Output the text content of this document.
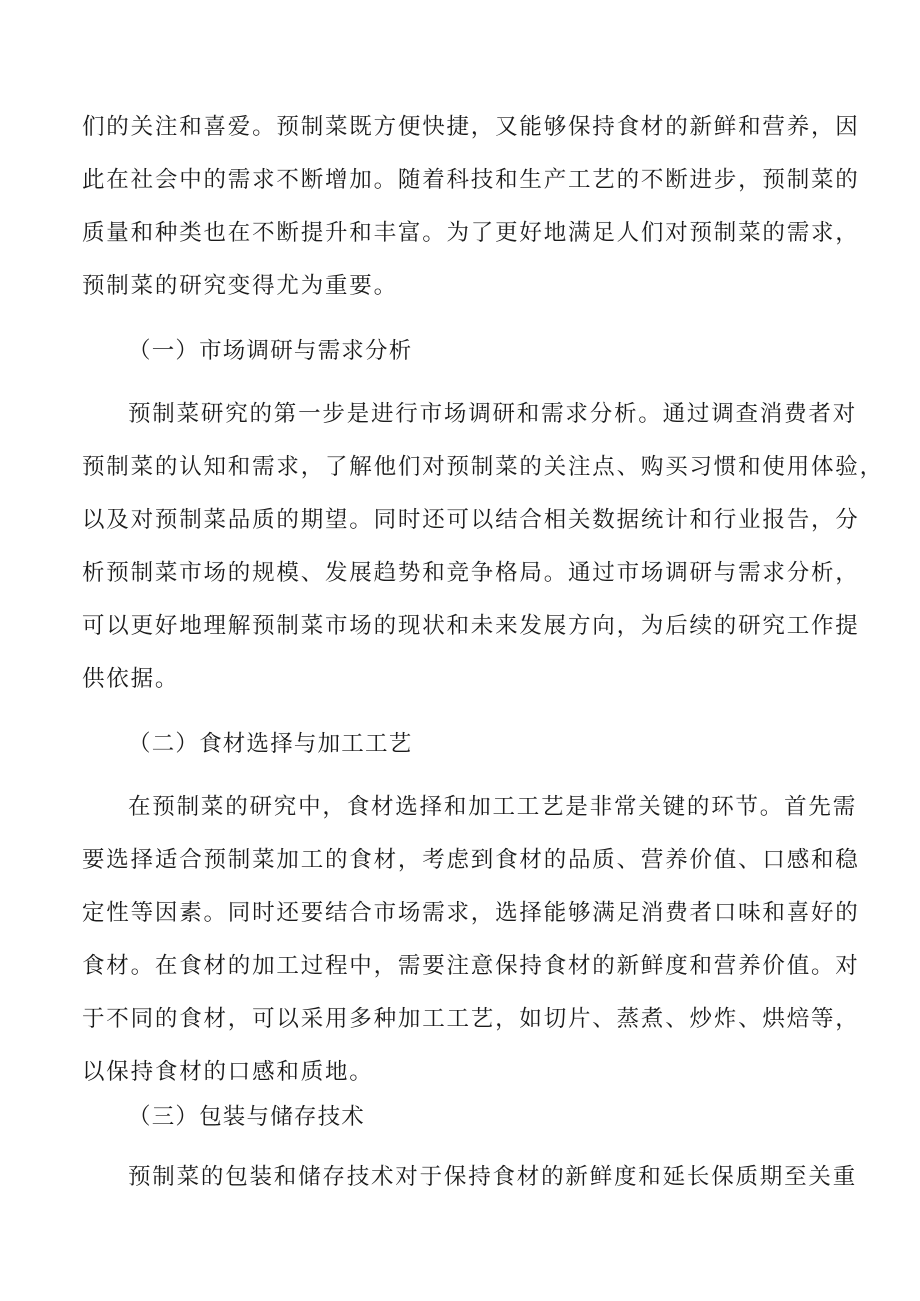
们的关注和喜爱。预制菜既方便快捷，又能够保持食材的新鲜和营养，因
此在社会中的需求不断增加。随着科技和生产工艺的不断进步，预制菜的
质量和种类也在不断提升和丰富。为了更好地满足人们对预制菜的需求，
预制菜的研究变得尤为重要。
（一）市场调研与需求分析
预制菜研究的第一步是进行市场调研和需求分析。通过调查消费者对
预制菜的认知和需求，了解他们对预制菜的关注点、购买习惯和使用体验，
以及对预制菜品质的期望。同时还可以结合相关数据统计和行业报告，分
析预制菜市场的规模、发展趋势和竞争格局。通过市场调研与需求分析，
可以更好地理解预制菜市场的现状和未来发展方向，为后续的研究工作提
供依据。
（二）食材选择与加工工艺
在预制菜的研究中，食材选择和加工工艺是非常关键的环节。首先需
要选择适合预制菜加工的食材，考虑到食材的品质、营养价值、口感和稳
定性等因素。同时还要结合市场需求，选择能够满足消费者口味和喜好的
食材。在食材的加工过程中，需要注意保持食材的新鲜度和营养价值。对
于不同的食材，可以采用多种加工工艺，如切片、蒸煮、炒炸、烘焙等，
以保持食材的口感和质地。
（三）包装与储存技术
预制菜的包装和储存技术对于保持食材的新鲜度和延长保质期至关重
